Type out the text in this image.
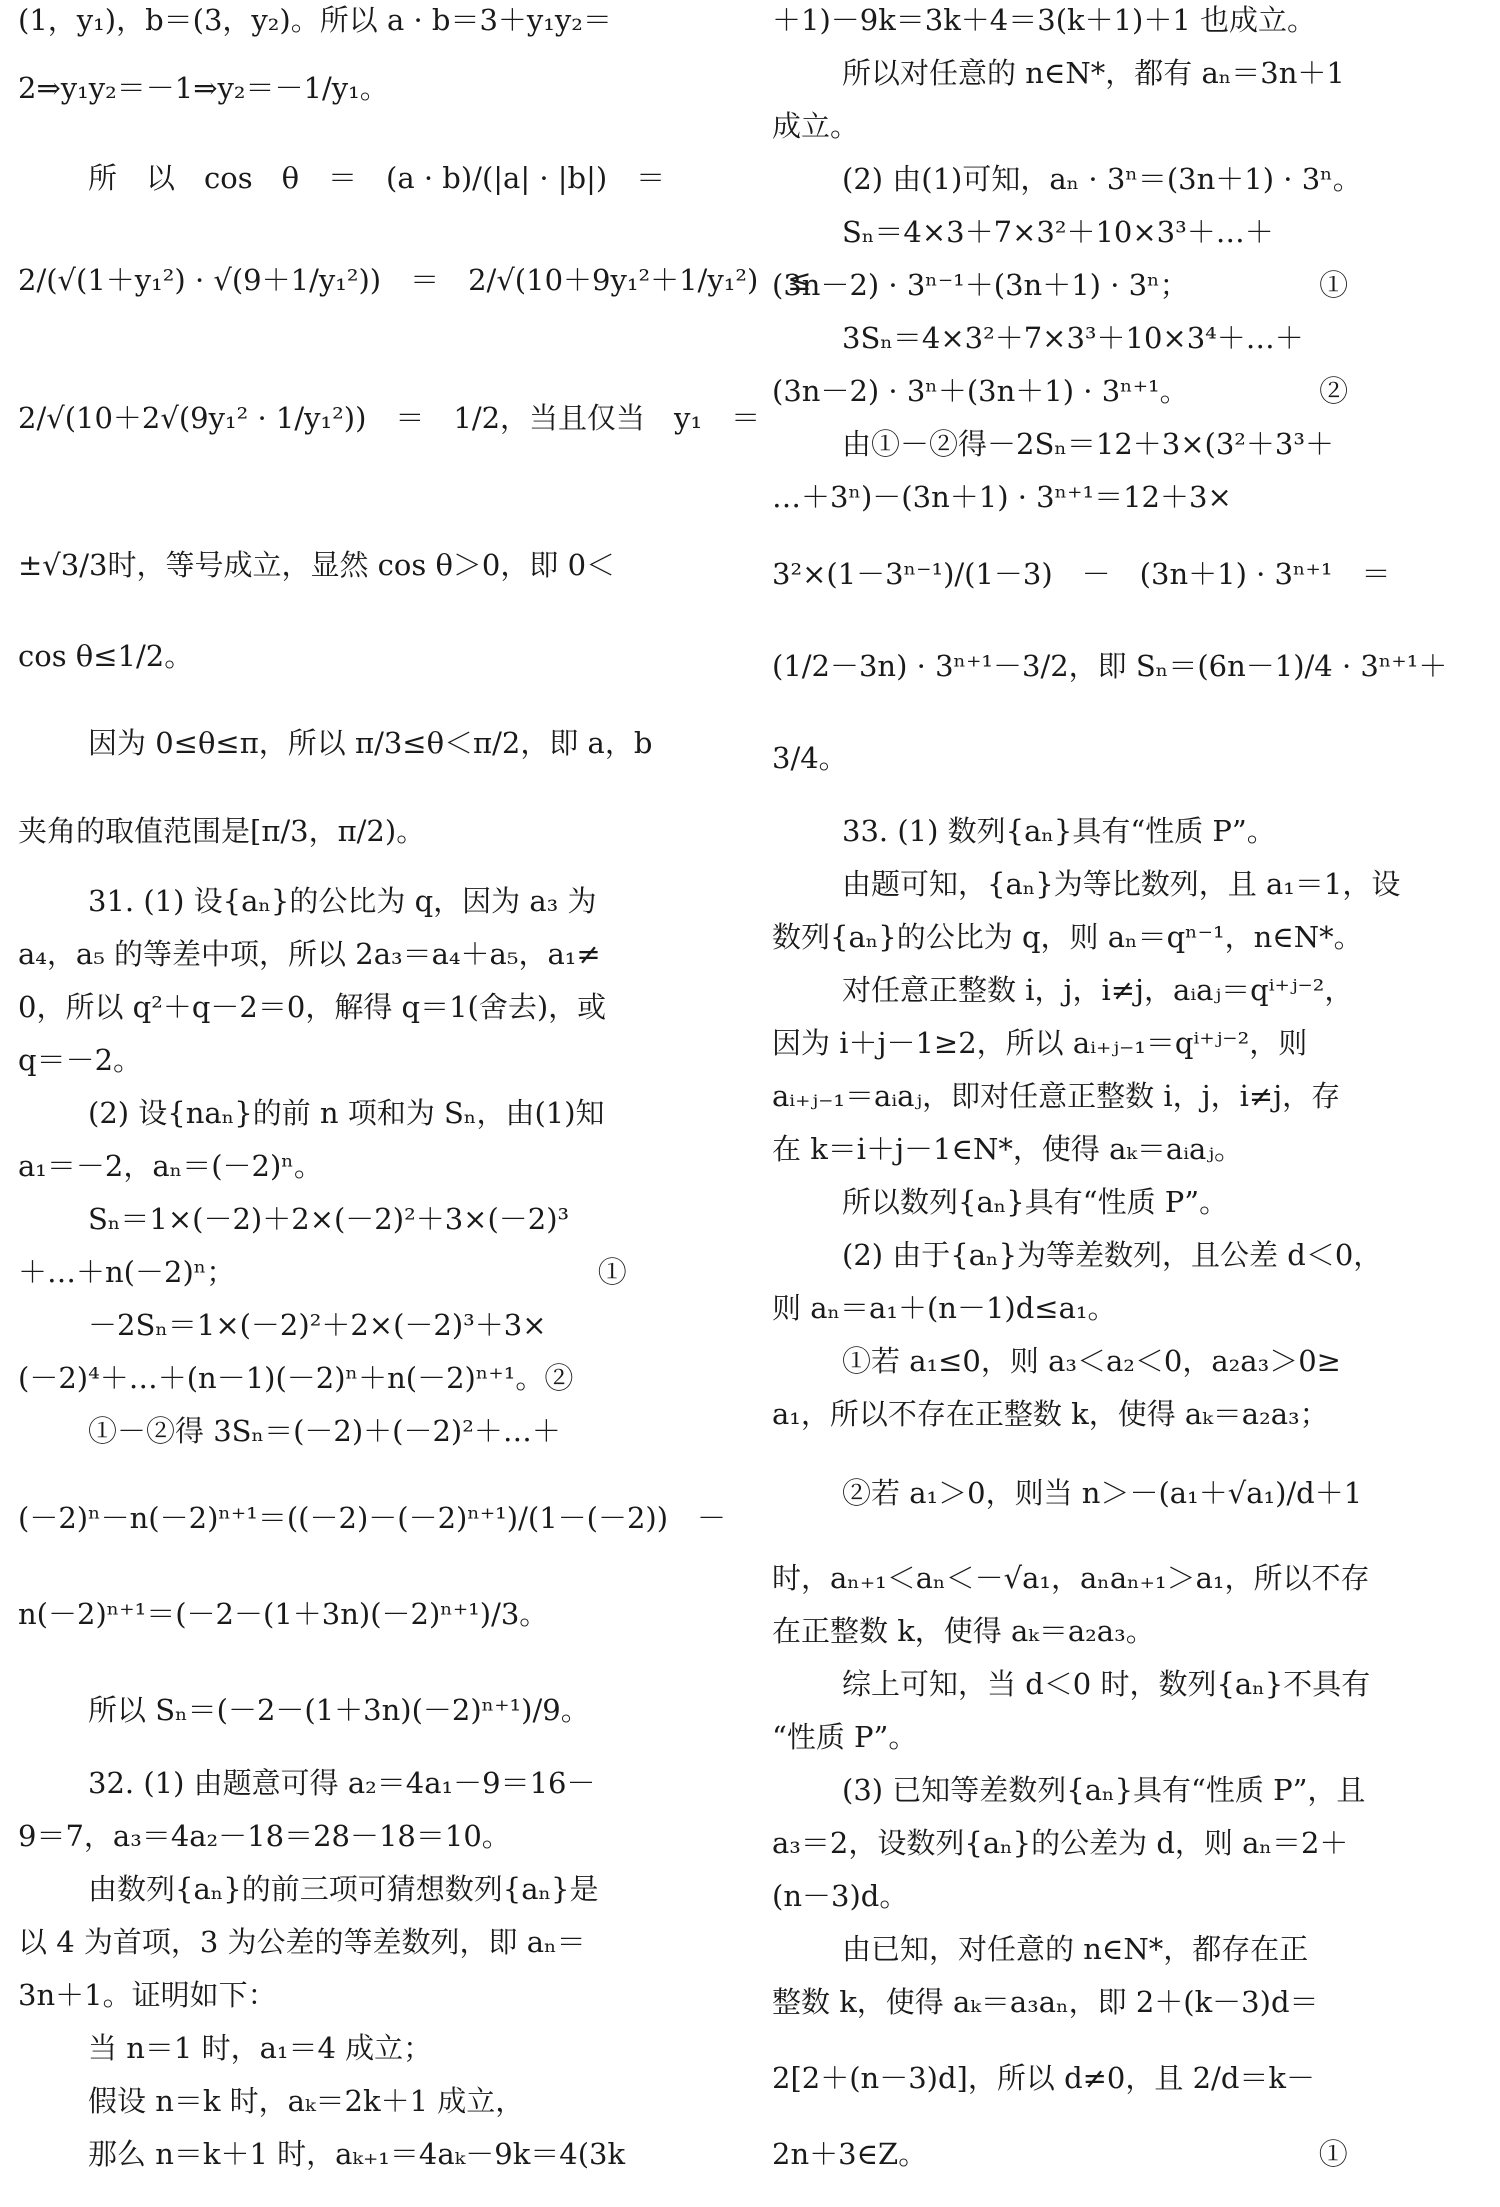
(1，y₁)，b＝(3，y₂)。所以 a · b＝3＋y₁y₂＝
2⇒y₁y₂＝－1⇒y₂＝－1/y₁。
所　以　cos　θ　＝　(a · b)/(|a| · |b|)　＝
2/(√(1＋y₁²) · √(9＋1/y₁²))　＝　2/√(10＋9y₁²＋1/y₁²)　≤
2/√(10＋2√(9y₁² · 1/y₁²))　＝　1/2，当且仅当　y₁　＝
±√3/3时，等号成立，显然 cos θ＞0，即 0＜
cos θ≤1/2。
因为 0≤θ≤π，所以 π/3≤θ＜π/2，即 a，b
夹角的取值范围是[π/3，π/2)。
31. (1) 设{aₙ}的公比为 q，因为 a₃ 为
a₄，a₅ 的等差中项，所以 2a₃＝a₄＋a₅，a₁≠
0，所以 q²＋q－2＝0，解得 q＝1(舍去)，或
q＝－2。
(2) 设{naₙ}的前 n 项和为 Sₙ，由(1)知
a₁＝－2，aₙ＝(－2)ⁿ。
Sₙ＝1×(－2)＋2×(－2)²＋3×(－2)³
＋…＋n(－2)ⁿ；　　　　　　　　　　　　　①
－2Sₙ＝1×(－2)²＋2×(－2)³＋3×
(－2)⁴＋…＋(n－1)(－2)ⁿ＋n(－2)ⁿ⁺¹。②
①－②得 3Sₙ＝(－2)＋(－2)²＋…＋
(－2)ⁿ－n(－2)ⁿ⁺¹＝((－2)－(－2)ⁿ⁺¹)/(1－(－2))　－
n(－2)ⁿ⁺¹＝(－2－(1＋3n)(－2)ⁿ⁺¹)/3。
所以 Sₙ＝(－2－(1＋3n)(－2)ⁿ⁺¹)/9。
32. (1) 由题意可得 a₂＝4a₁－9＝16－
9＝7，a₃＝4a₂－18＝28－18＝10。
由数列{aₙ}的前三项可猜想数列{aₙ}是
以 4 为首项，3 为公差的等差数列，即 aₙ＝
3n＋1。证明如下：
当 n＝1 时，a₁＝4 成立；
假设 n＝k 时，aₖ＝2k＋1 成立，
那么 n＝k＋1 时，aₖ₊₁＝4aₖ－9k＝4(3k
＋1)－9k＝3k＋4＝3(k＋1)＋1 也成立。
所以对任意的 n∈N*，都有 aₙ＝3n＋1
成立。
(2) 由(1)可知，aₙ · 3ⁿ＝(3n＋1) · 3ⁿ。
Sₙ＝4×3＋7×3²＋10×3³＋…＋
(3n－2) · 3ⁿ⁻¹＋(3n＋1) · 3ⁿ；　　　　　①
3Sₙ＝4×3²＋7×3³＋10×3⁴＋…＋
(3n－2) · 3ⁿ＋(3n＋1) · 3ⁿ⁺¹。　　　　　②
由①－②得－2Sₙ＝12＋3×(3²＋3³＋
…＋3ⁿ)－(3n＋1) · 3ⁿ⁺¹＝12＋3×
3²×(1－3ⁿ⁻¹)/(1－3)　－　(3n＋1) · 3ⁿ⁺¹　＝
(1/2－3n) · 3ⁿ⁺¹－3/2，即 Sₙ＝(6n－1)/4 · 3ⁿ⁺¹＋
3/4。
33. (1) 数列{aₙ}具有“性质 P”。
由题可知，{aₙ}为等比数列，且 a₁＝1，设
数列{aₙ}的公比为 q，则 aₙ＝qⁿ⁻¹，n∈N*。
对任意正整数 i，j，i≠j，aᵢaⱼ＝qⁱ⁺ʲ⁻²，
因为 i＋j－1≥2，所以 aᵢ₊ⱼ₋₁＝qⁱ⁺ʲ⁻²，则
aᵢ₊ⱼ₋₁＝aᵢaⱼ，即对任意正整数 i，j，i≠j，存
在 k＝i＋j－1∈N*，使得 aₖ＝aᵢaⱼ。
所以数列{aₙ}具有“性质 P”。
(2) 由于{aₙ}为等差数列，且公差 d＜0，
则 aₙ＝a₁＋(n－1)d≤a₁。
①若 a₁≤0，则 a₃＜a₂＜0，a₂a₃＞0≥
a₁，所以不存在正整数 k，使得 aₖ＝a₂a₃；
②若 a₁＞0，则当 n＞－(a₁＋√a₁)/d＋1
时，aₙ₊₁＜aₙ＜－√a₁，aₙaₙ₊₁＞a₁，所以不存
在正整数 k，使得 aₖ＝a₂a₃。
综上可知，当 d＜0 时，数列{aₙ}不具有
“性质 P”。
(3) 已知等差数列{aₙ}具有“性质 P”，且
a₃＝2，设数列{aₙ}的公差为 d，则 aₙ＝2＋
(n－3)d。
由已知，对任意的 n∈N*，都存在正
整数 k，使得 aₖ＝a₃aₙ，即 2＋(k－3)d＝
2[2＋(n－3)d]，所以 d≠0，且 2/d＝k－
2n＋3∈Z。　　　　　　　　　　　　　　①
